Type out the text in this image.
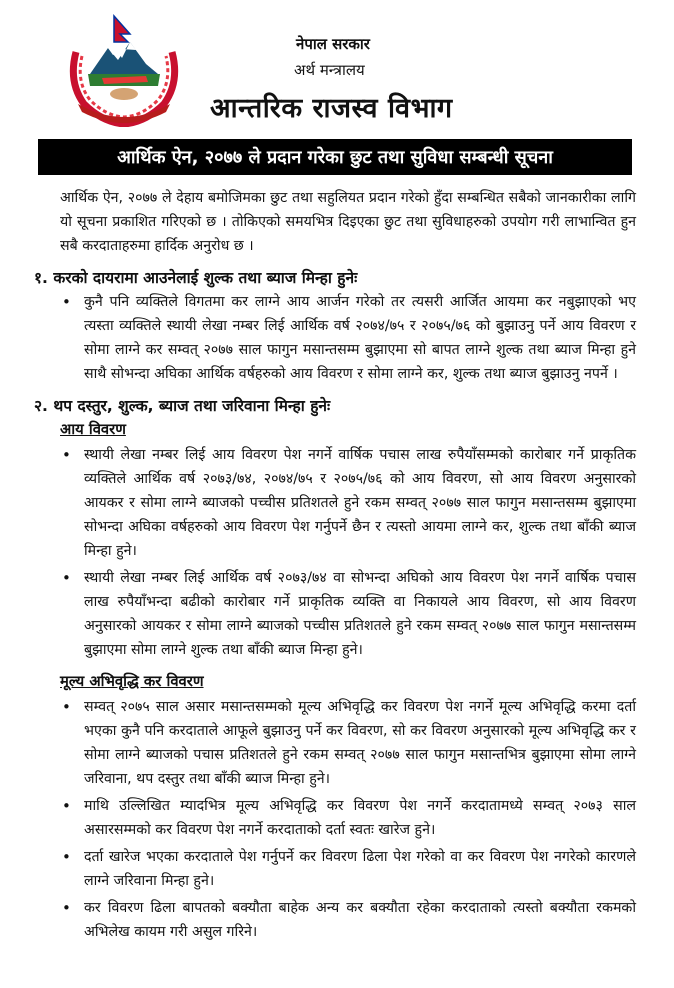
नेपाल सरकार
अर्थ मन्त्रालय
आन्तरिक राजस्व विभाग
आर्थिक ऐन, २०७७ ले प्रदान गरेका छुट तथा सुविधा सम्बन्धी सूचना

आर्थिक ऐन, २०७७ ले देहाय बमोजिमका छुट तथा सहुलियत प्रदान गरेको हुँदा सम्बन्धित सबैको जानकारीका लागि यो सूचना प्रकाशित गरिएको छ । तोकिएको समयभित्र दिइएका छुट तथा सुविधाहरुको उपयोग गरी लाभान्वित हुन सबै करदाताहरुमा हार्दिक अनुरोध छ ।

१. करको दायरामा आउनेलाई शुल्क तथा ब्याज मिन्हा हुनेः
• कुनै पनि व्यक्तिले विगतमा कर लाग्ने आय आर्जन गरेको तर त्यसरी आर्जित आयमा कर नबुझाएको भए त्यस्ता व्यक्तिले स्थायी लेखा नम्बर लिई आर्थिक वर्ष २०७४/७५ र २०७५/७६ को बुझाउनु पर्ने आय विवरण र सोमा लाग्ने कर सम्वत् २०७७ साल फागुन मसान्तसम्म बुझाएमा सो बापत लाग्ने शुल्क तथा ब्याज मिन्हा हुने साथै सोभन्दा अघिका आर्थिक वर्षहरुको आय विवरण र सोमा लाग्ने कर, शुल्क तथा ब्याज बुझाउनु नपर्ने ।
२. थप दस्तुर, शुल्क, ब्याज तथा जरिवाना मिन्हा हुनेः
आय विवरण
• स्थायी लेखा नम्बर लिई आय विवरण पेश नगर्ने वार्षिक पचास लाख रुपैयाँसम्मको कारोबार गर्ने प्राकृतिक व्यक्तिले आर्थिक वर्ष २०७३/७४, २०७४/७५ र २०७५/७६ को आय विवरण, सो आय विवरण अनुसारको आयकर र सोमा लाग्ने ब्याजको पच्चीस प्रतिशतले हुने रकम सम्वत् २०७७ साल फागुन मसान्तसम्म बुझाएमा सोभन्दा अघिका वर्षहरुको आय विवरण पेश गर्नुपर्ने छैन र त्यस्तो आयमा लाग्ने कर, शुल्क तथा बाँकी ब्याज मिन्हा हुने।
• स्थायी लेखा नम्बर लिई आर्थिक वर्ष २०७३/७४ वा सोभन्दा अघिको आय विवरण पेश नगर्ने वार्षिक पचास लाख रुपैयाँभन्दा बढीको कारोबार गर्ने प्राकृतिक व्यक्ति वा निकायले आय विवरण, सो आय विवरण अनुसारको आयकर र सोमा लाग्ने ब्याजको पच्चीस प्रतिशतले हुने रकम सम्वत् २०७७ साल फागुन मसान्तसम्म बुझाएमा सोमा लाग्ने शुल्क तथा बाँकी ब्याज मिन्हा हुने।
मूल्य अभिवृद्धि कर विवरण
• सम्वत् २०७५ साल असार मसान्तसम्मको मूल्य अभिवृद्धि कर विवरण पेश नगर्ने मूल्य अभिवृद्धि करमा दर्ता भएका कुनै पनि करदाताले आफूले बुझाउनु पर्ने कर विवरण, सो कर विवरण अनुसारको मूल्य अभिवृद्धि कर र सोमा लाग्ने ब्याजको पचास प्रतिशतले हुने रकम सम्वत् २०७७ साल फागुन मसान्तभित्र बुझाएमा सोमा लाग्ने जरिवाना, थप दस्तुर तथा बाँकी ब्याज मिन्हा हुने।
• माथि उल्लिखित म्यादभित्र मूल्य अभिवृद्धि कर विवरण पेश नगर्ने करदातामध्ये सम्वत् २०७३ साल असारसम्मको कर विवरण पेश नगर्ने करदाताको दर्ता स्वतः खारेज हुने।
• दर्ता खारेज भएका करदाताले पेश गर्नुपर्ने कर विवरण ढिला पेश गरेको वा कर विवरण पेश नगरेको कारणले लाग्ने जरिवाना मिन्हा हुने।
• कर विवरण ढिला बापतको बक्यौता बाहेक अन्य कर बक्यौता रहेका करदाताको त्यस्तो बक्यौता रकमको अभिलेख कायम गरी असुल गरिने।
